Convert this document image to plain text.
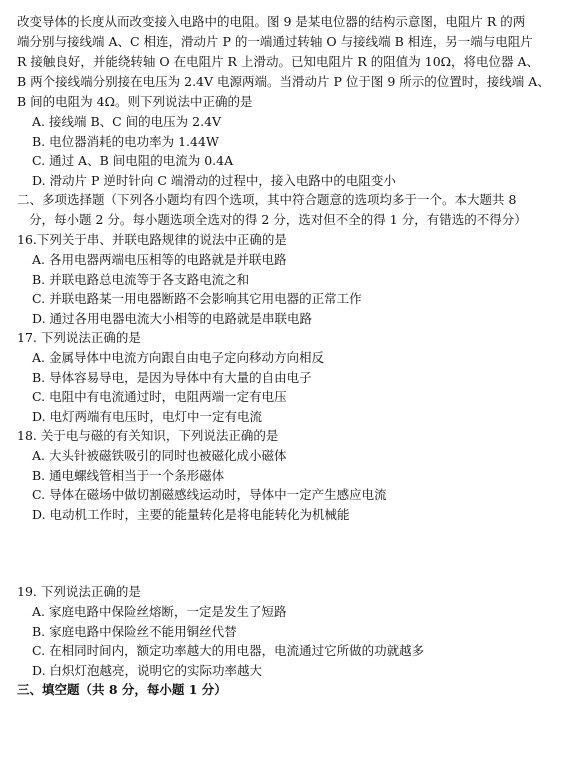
改变导体的长度从而改变接入电路中的电阻。图 9 是某电位器的结构示意图，电阻片 R 的两

端分别与接线端 A、C 相连，滑动片 P 的一端通过转轴 O 与接线端 B 相连，另一端与电阻片

R 接触良好，并能绕转轴 O 在电阻片 R 上滑动。已知电阻片 R 的阻值为 10Ω，将电位器 A、

B 两个接线端分别接在电压为 2.4V 电源两端。当滑动片 P 位于图 9 所示的位置时，接线端 A、

B 间的电阻为 4Ω。则下列说法中正确的是

A. 接线端 B、C 间的电压为 2.4V

B. 电位器消耗的电功率为 1.44W

C. 通过 A、B 间电阻的电流为 0.4A

D. 滑动片 P 逆时针向 C 端滑动的过程中，接入电路中的电阻变小

二、多项选择题（下列各小题均有四个选项，其中符合题意的选项均多于一个。本大题共 8

分，每小题 2 分。每小题选项全选对的得 2 分，选对但不全的得 1 分，有错选的不得分）

16.下列关于串、并联电路规律的说法中正确的是

A. 各用电器两端电压相等的电路就是并联电路

B. 并联电路总电流等于各支路电流之和

C. 并联电路某一用电器断路不会影响其它用电器的正常工作

D. 通过各用电器电流大小相等的电路就是串联电路

17. 下列说法正确的是

A. 金属导体中电流方向跟自由电子定向移动方向相反

B. 导体容易导电，是因为导体中有大量的自由电子

C. 电阻中有电流通过时，电阻两端一定有电压

D. 电灯两端有电压时，电灯中一定有电流

18. 关于电与磁的有关知识，下列说法正确的是

A. 大头针被磁铁吸引的同时也被磁化成小磁体

B. 通电螺线管相当于一个条形磁体

C. 导体在磁场中做切割磁感线运动时，导体中一定产生感应电流

D. 电动机工作时，主要的能量转化是将电能转化为机械能

19. 下列说法正确的是

A. 家庭电路中保险丝熔断，一定是发生了短路

B. 家庭电路中保险丝不能用铜丝代替

C. 在相同时间内，额定功率越大的用电器，电流通过它所做的功就越多

D. 白炽灯泡越亮，说明它的实际功率越大

三、填空题（共 8 分，每小题 1 分）
